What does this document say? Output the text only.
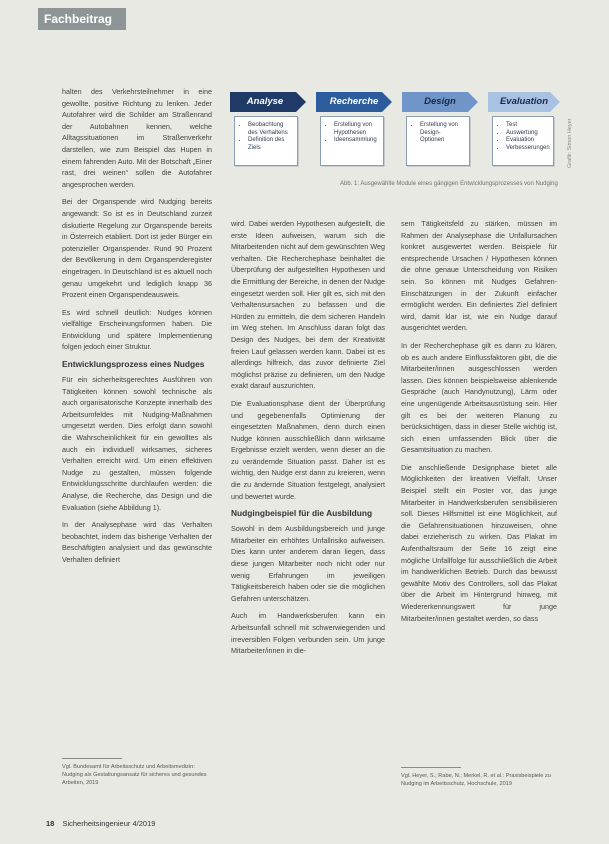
Fachbeitrag

halten des Verkehrsteilnehmer in eine gewollte, positive Richtung zu lenken. Jeder Autofahrer wird die Schilder am Straßenrand der Autobahnen kennen, welche Alltagssituationen im Straßenverkehr darstellen, wie zum Beispiel das Hupen in einem fahrenden Auto. Mit der Botschaft „Einer rast, drei weinen“ sollen die Autofahrer angesprochen werden.

Bei der Organspende wird Nudging bereits angewandt: So ist es in Deutschland zurzeit diskutierte Regelung zur Organspende bereits in Österreich etabliert. Dort ist jeder Bürger ein potenzieller Organspender. Rund 90 Prozent der Bevölkerung in dem Organspenderegister eingetragen. In Deutschland ist es aktuell noch genau umgekehrt und lediglich knapp 36 Prozent einen Organspendeausweis.

Es wird schnell deutlich: Nudges können vielfältige Erscheinungsformen haben. Die Entwicklung und spätere Implementierung folgen jedoch einer Struktur.

Entwicklungsprozess eines Nudges

Für ein sicherheitsgerechtes Ausführen von Tätigkeiten können sowohl technische als auch organisatorische Konzepte innerhalb des Arbeitsumfeldes mit Nudging-Maßnahmen umgesetzt werden. Dies erfolgt dann sowohl die Wahrscheinlichkeit für ein gewolltes als auch ein individuell wirksames, sicheres Verhalten erreicht wird. Um einen effektiven Nudge zu gestalten, müssen folgende Entwicklungsschritte durchlaufen werden: die Analyse, die Recherche, das Design und die Evaluation (siehe Abbildung 1).

In der Analysephase wird das Verhalten beobachtet, indem das bisherige Verhalten der Beschäftigten analysiert und das gewünschte Verhalten definiert

Analyse
• Beobachtung des Verhaltens
• Definition des Ziels
Recherche
• Erstellung von Hypothesen
• Ideensammlung
Design
• Erstellung von Design-Optionen
Evaluation
• Test
• Auswertung
• Evaluation
• Verbesserungen
Abb. 1: Ausgewählte Module eines gängigen Entwicklungsprozesses von Nudging
Grafik: Simon Heyer

wird. Dabei werden Hypothesen aufgestellt, die erste Ideen aufweisen, warum sich die Mitarbeitenden nicht auf dem gewünschten Weg verhalten. Die Recherchephase beinhaltet die Überprüfung der aufgestellten Hypothesen und die Ermittlung der Bereiche, in denen der Nudge eingesetzt werden soll. Hier gilt es, sich mit den Verhaltensursachen zu befassen und die Hürden zu ermitteln, die dem sicheren Handeln im Weg stehen. Im Anschluss daran folgt das Design des Nudges, bei dem der Kreativität freien Lauf gelassen werden kann. Dabei ist es allerdings hilfreich, das zuvor definierte Ziel möglichst präzise zu definieren, um den Nudge exakt darauf auszurichten.

Die Evaluationsphase dient der Überprüfung und gegebenenfalls Optimierung der eingesetzten Maßnahmen, denn durch einen Nudge können ausschließlich dann wirksame Ergebnisse erzielt werden, wenn dieser an die zu verändernde Situation passt. Daher ist es wichtig, den Nudge erst dann zu kreieren, wenn die zu ändernde Situation festgelegt, analysiert und bewertet wurde.

Nudgingbeispiel für die Ausbildung

Sowohl in dem Ausbildungsbereich und junge Mitarbeiter ein erhöhtes Unfallrisiko aufweisen. Dies kann unter anderem daran liegen, dass diese jungen Mitarbeiter noch nicht oder nur wenig Erfahrungen im jeweiligen Tätigkeitsbereich haben oder sie die möglichen Gefahren unterschätzen.

Auch im Handwerksberufen kann ein Arbeitsunfall schnell mit schwerwiegenden und irreversiblen Folgen verbunden sein. Um junge Mitarbeiter/innen in die-

sem Tätigkeitsfeld zu stärken, müssen im Rahmen der Analysephase die Unfallursachen konkret ausgewertet werden. Beispiele für entsprechende Ursachen / Hypothesen können die ohne genaue Unterscheidung von Risiken sein. So können mit Nudges Gefahren-Einschätzungen in der Zukunft einfacher ermöglicht werden. Ein definiertes Ziel definiert wird, damit klar ist, wie ein Nudge darauf ausgerichtet werden.

In der Recherchephase gilt es dann zu klären, ob es auch andere Einflussfaktoren gibt, die die Mitarbeiter/innen ausgeschlossen werden lassen. Dies können beispielsweise ablenkende Gespräche (auch Handynutzung), Lärm oder eine ungenügende Arbeitsausrüstung sein. Hier gilt es bei der weiteren Planung zu berücksichtigen, dass in dieser Stelle wichtig ist, sich einen umfassenden Blick über die Gesamtsituation zu machen.

Die anschließende Designphase bietet alle Möglichkeiten der kreativen Vielfalt. Unser Beispiel stellt ein Poster vor, das junge Mitarbeiter in Handwerksberufen sensibilisieren soll. Dieses Hilfsmittel ist eine Möglichkeit, auf die Gefahrensituationen hinzuweisen, ohne dabei erzieherisch zu wirken. Das Plakat im Aufenthaltsraum der Seite 16 zeigt eine mögliche Unfallfolge für ausschließlich die Arbeit im handwerklichen Betrieb. Durch das bewusst gewählte Motiv des Controllers, soll das Plakat über die Arbeit im Hintergrund hinweg, mit Wiedererkennungswert für junge Mitarbeiter/innen gestaltet werden, so dass

Vgl. Bundesamt für Arbeitsschutz und Arbeitsmedizin: Nudging als Gestaltungsansatz für sicheres und gesundes Arbeiten, 2019
Vgl. Heyer, S.; Rabe, N.; Merkel, R. et al.: Praxisbeispiele zu Nudging im Arbeitsschutz, Hochschule, 2019
18 Sicherheitsingenieur 4/2019
